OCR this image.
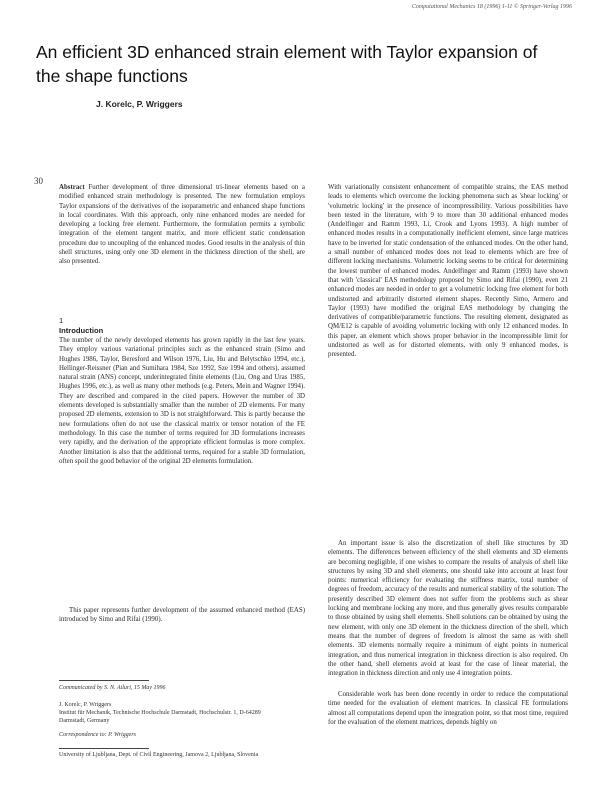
Computational Mechanics 18 (1996) 1-11 © Springer-Verlag 1996
An efficient 3D enhanced strain element with Taylor expansion of the shape functions
J. Korelc, P. Wriggers
30

Abstract Further development of three dimensional tri-linear elements based on a modified enhanced strain methodology is presented. The new formulation employs Taylor expansions of the derivatives of the isoparametric and enhanced shape functions in local coordinates. With this approach, only nine enhanced modes are needed for developing a locking free element. Furthermore, the formulation permits a symbolic integration of the element tangent matrix, and more efficient static condensation procedure due to uncoupling of the enhanced modes. Good results in the analysis of thin shell structures, using only one 3D element in the thickness direction of the shell, are also presented.

1
Introduction

The number of the newly developed elements has grown rapidly in the last few years. They employ various variational principles such as the enhanced strain (Simo and Hughes 1986, Taylor, Beresford and Wilson 1976, Liu, Hu and Belytschko 1994, etc.), Hellinger-Reissner (Pian and Sumihara 1984, Sze 1992, Sze 1994 and others), assumed natural strain (ANS) concept, underintegrated finite elements (Liu, Ong and Uras 1985, Hughes 1996, etc.), as well as many other methods (e.g. Peters, Mein and Wagner 1994). They are described and compared in the cited papers. However the number of 3D elements developed is substantially smaller than the number of 2D elements. For many proposed 2D elements, extension to 3D is not straightforward. This is partly because the new formulations often do not use the classical matrix or tensor notation of the FE methodology. In this case the number of terms required for 3D formulations increases very rapidly, and the derivation of the appropriate efficient formulas is more complex. Another limitation is also that the additional terms, required for a stable 3D formulation, often spoil the good behavior of the original 2D elements formulation.

This paper represents further development of the assumed enhanced method (EAS) introduced by Simo and Rifai (1990).

Communicated by S. N. Atluri, 15 May 1996
J. Korelc, P. Wriggers
Institut für Mechanik, Technische Hochschule Darmstadt, Hochschulstr. 1, D-64289 Darmstadt, Germany
Correspondence to: P. Wriggers
University of Ljubljana, Dept. of Civil Engineering, Jamova 2, Ljubljana, Slovenia

With variationally consistent enhancement of compatible strains, the EAS method leads to elements which overcome the locking phenomena such as 'shear locking' or 'volumetric locking' in the presence of incompressibility. Various possibilities have been tested in the literature, with 9 to more than 30 additional enhanced modes (Andelfinger and Ramm 1993, Li, Crook and Lyons 1993). A high number of enhanced modes results in a computationally inefficient element, since large matrices have to be inverted for static condensation of the enhanced modes. On the other hand, a small number of enhanced modes does not lead to elements which are free of different locking mechanisms. Volumetric locking seems to be critical for determining the lowest number of enhanced modes. Andelfinger and Ramm (1993) have shown that with 'classical' EAS methodology proposed by Simo and Rifai (1990), even 21 enhanced modes are needed in order to get a volumetric locking free element for both undistorted and arbitrarily distorted element shapes. Recently Simo, Armero and Taylor (1993) have modified the original EAS methodology by changing the derivatives of compatible/parametric functions. The resulting element, designated as QM/E12 is capable of avoiding volumetric locking with only 12 enhanced modes. In this paper, an element which shows proper behavior in the incompressible limit for undistorted as well as for distorted elements, with only 9 enhanced modes, is presented.

An important issue is also the discretization of shell like structures by 3D elements. The differences between efficiency of the shell elements and 3D elements are becoming negligible, if one wishes to compare the results of analysis of shell like structures by using 3D and shell elements, one should take into account at least four points: numerical efficiency for evaluating the stiffness matrix, total number of degrees of freedom, accuracy of the results and numerical stability of the solution. The presently described 3D element does not suffer from the problems such as shear locking and membrane locking any more, and thus generally gives results comparable to those obtained by using shell elements. Shell solutions can be obtained by using the new element, with only one 3D element in the thickness direction of the shell, which means that the number of degrees of freedom is almost the same as with shell elements. 3D elements normally require a minimum of eight points in numerical integration, and thus numerical integration in thickness direction is also required. On the other hand, shell elements avoid at least for the case of linear material, the integration in thickness direction and only use 4 integration points.

Considerable work has been done recently in order to reduce the computational time needed for the evaluation of element matrices. In classical FE formulations almost all computations depend upon the integration point, so that most time, required for the evaluation of the element matrices, depends highly on
